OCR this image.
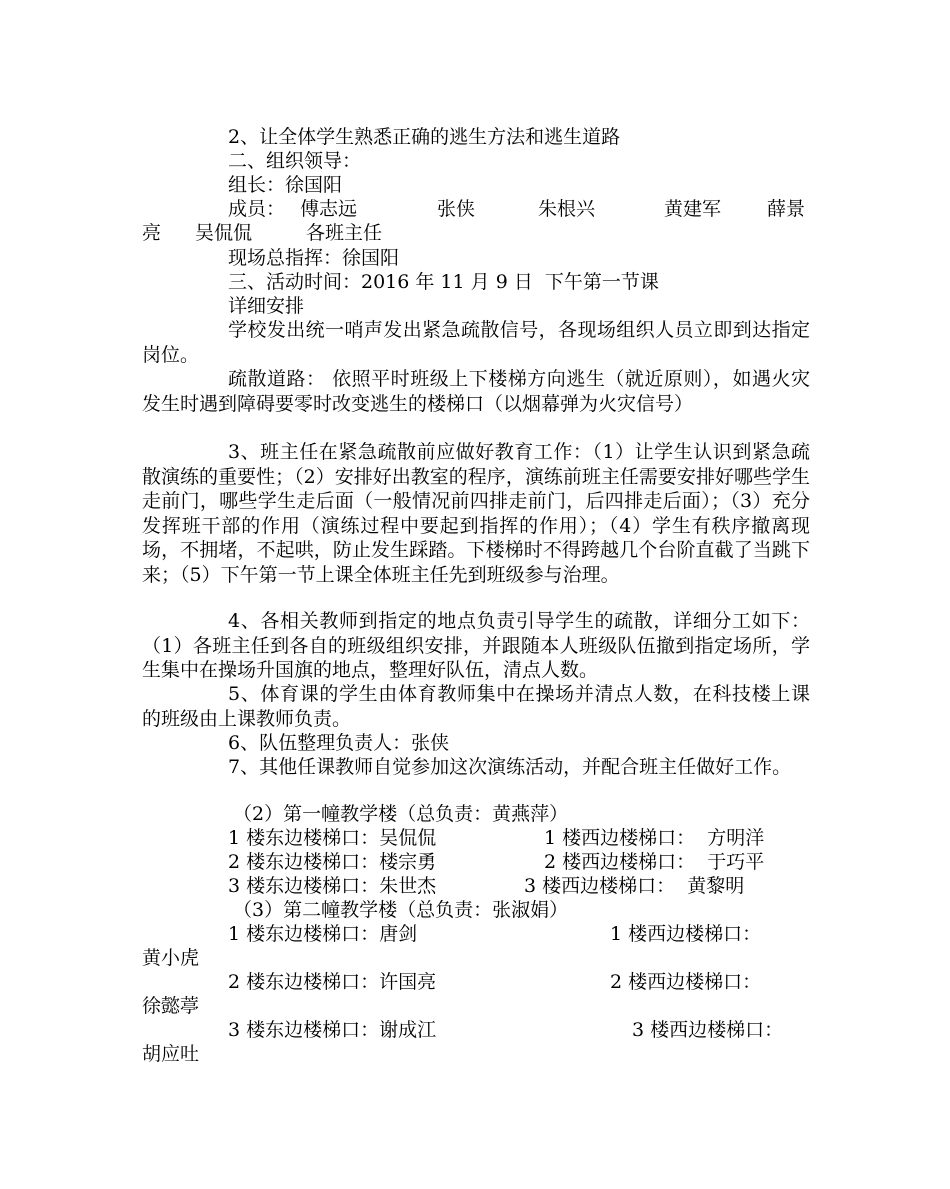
2、让全体学生熟悉正确的逃生方法和逃生道路
二、组织领导：
组长：徐国阳
成员： 傅志远	张侠	朱根兴	黄建军 薛景
亮 吴侃侃	各班主任
现场总指挥：徐国阳
三、活动时间：2016 年 11 月 9 日  下午第一节课
详细安排
学校发出统一哨声发出紧急疏散信号，各现场组织人员立即到达指定岗位。
疏散道路： 依照平时班级上下楼梯方向逃生（就近原则），如遇火灾发生时遇到障碍要零时改变逃生的楼梯口（以烟幕弹为火灾信号）
3、班主任在紧急疏散前应做好教育工作：（1）让学生认识到紧急疏散演练的重要性；（2）安排好出教室的程序，演练前班主任需要安排好哪些学生走前门，哪些学生走后面（一般情况前四排走前门，后四排走后面）；（3）充分发挥班干部的作用（演练过程中要起到指挥的作用）；（4）学生有秩序撤离现场，不拥堵，不起哄，防止发生踩踏。下楼梯时不得跨越几个台阶直截了当跳下来；（5）下午第一节上课全体班主任先到班级参与治理。
4、各相关教师到指定的地点负责引导学生的疏散，详细分工如下：（1）各班主任到各自的班级组织安排，并跟随本人班级队伍撤到指定场所，学生集中在操场升国旗的地点，整理好队伍，清点人数。
5、体育课的学生由体育教师集中在操场并清点人数，在科技楼上课的班级由上课教师负责。
6、队伍整理负责人：张侠
7、其他任课教师自觉参加这次演练活动，并配合班主任做好工作。
（2）第一幢教学楼（总负责：黄燕萍）
1 楼东边楼梯口：吴侃侃	1 楼西边楼梯口：  方明洋
2 楼东边楼梯口：楼宗勇	2 楼西边楼梯口：  于巧平
3 楼东边楼梯口：朱世杰	3 楼西边楼梯口：  黄黎明
（3）第二幢教学楼（总负责：张淑娟）
1 楼东边楼梯口：唐剑	1 楼西边楼梯口：
黄小虎
2 楼东边楼梯口：许国亮	2 楼西边楼梯口：
徐懿葶
3 楼东边楼梯口：谢成江	3 楼西边楼梯口：
胡应吐
